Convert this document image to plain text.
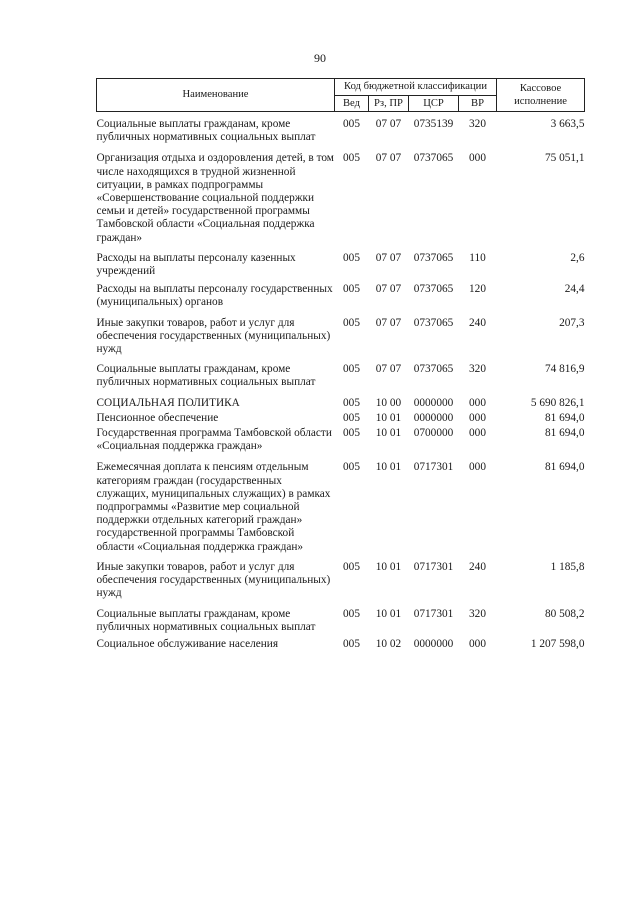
90
Наименование	Код бюджетной классификации				Кассовое исполнение
	Вед	Рз, ПР	ЦСР	ВР	
Социальные выплаты гражданам, кроме публичных нормативных социальных выплат	005	07 07	0735139	320	3 663,5
Организация отдыха и оздоровления детей, в том числе находящихся в трудной жизненной ситуации, в рамках подпрограммы «Совершенствование социальной поддержки семьи и детей» государственной программы Тамбовской области «Социальная поддержка граждан»	005	07 07	0737065	000	75 051,1
Расходы на выплаты персоналу казенных учреждений	005	07 07	0737065	110	2,6
Расходы на выплаты персоналу государственных (муниципальных) органов	005	07 07	0737065	120	24,4
Иные закупки товаров, работ и услуг для обеспечения государственных (муниципальных) нужд	005	07 07	0737065	240	207,3
Социальные выплаты гражданам, кроме публичных нормативных социальных выплат	005	07 07	0737065	320	74 816,9
СОЦИАЛЬНАЯ ПОЛИТИКА	005	10 00	0000000	000	5 690 826,1
Пенсионное обеспечение	005	10 01	0000000	000	81 694,0
Государственная программа Тамбовской области «Социальная поддержка граждан»	005	10 01	0700000	000	81 694,0
Ежемесячная доплата к пенсиям отдельным категориям граждан (государственных служащих, муниципальных служащих) в рамках подпрограммы «Развитие мер социальной поддержки отдельных категорий граждан» государственной программы Тамбовской области «Социальная поддержка граждан»	005	10 01	0717301	000	81 694,0
Иные закупки товаров, работ и услуг для обеспечения государственных (муниципальных) нужд	005	10 01	0717301	240	1 185,8
Социальные выплаты гражданам, кроме публичных нормативных социальных выплат	005	10 01	0717301	320	80 508,2
Социальное обслуживание населения	005	10 02	0000000	000	1 207 598,0
